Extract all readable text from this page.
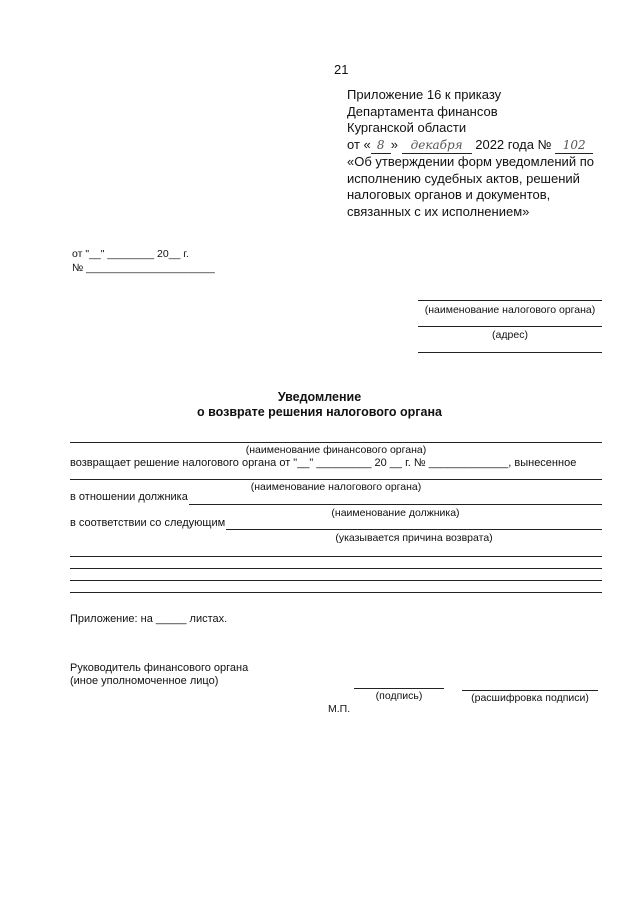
21
Приложение 16 к приказу
Департамента финансов
Курганской области
от « 8 » декабря 2022 года № 102
«Об утверждении форм уведомлений по
исполнению судебных актов, решений
налоговых органов и документов,
связанных с их исполнением»
от "__" ________ 20__ г.
№ ______________________
(наименование налогового органа)
(адрес)
Уведомление
о возврате решения налогового органа
(наименование финансового органа)
возвращает решение налогового органа от "__" _________ 20 __ г. № _____________, вынесенное
(наименование налогового органа)
в отношении должника
(наименование должника)
в соответствии со следующим
(указывается причина возврата)
Приложение: на _____ листах.
Руководитель финансового органа
(иное уполномоченное лицо)
(подпись)	(расшифровка подписи)
М.П.
